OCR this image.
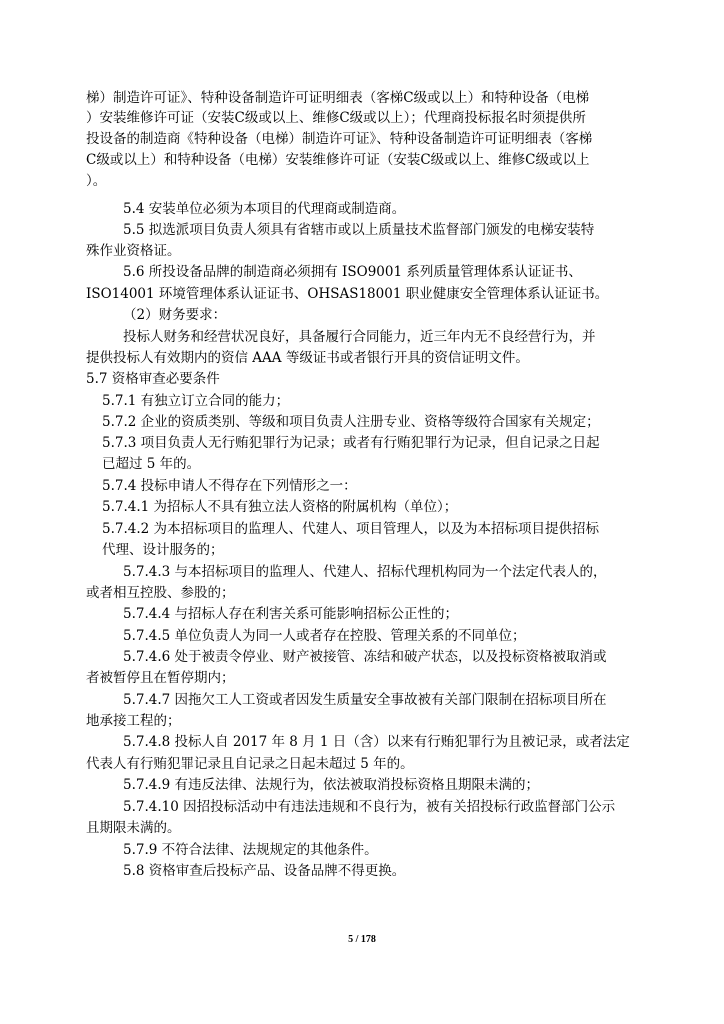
梯）制造许可证》、特种设备制造许可证明细表（客梯C级或以上）和特种设备（电梯
）安装维修许可证（安装C级或以上、维修C级或以上）；代理商投标报名时须提供所
投设备的制造商《特种设备（电梯）制造许可证》、特种设备制造许可证明细表（客梯
C级或以上）和特种设备（电梯）安装维修许可证（安装C级或以上、维修C级或以上
）。
5.4 安装单位必须为本项目的代理商或制造商。
5.5 拟选派项目负责人须具有省辖市或以上质量技术监督部门颁发的电梯安装特
殊作业资格证。
5.6 所投设备品牌的制造商必须拥有 ISO9001 系列质量管理体系认证证书、
ISO14001 环境管理体系认证证书、OHSAS18001 职业健康安全管理体系认证证书。
（2）财务要求：
投标人财务和经营状况良好，具备履行合同能力，近三年内无不良经营行为，并
提供投标人有效期内的资信 AAA 等级证书或者银行开具的资信证明文件。
5.7 资格审查必要条件
5.7.1 有独立订立合同的能力；
5.7.2 企业的资质类别、等级和项目负责人注册专业、资格等级符合国家有关规定；
5.7.3 项目负责人无行贿犯罪行为记录；或者有行贿犯罪行为记录，但自记录之日起
已超过 5 年的。
5.7.4 投标申请人不得存在下列情形之一：
5.7.4.1 为招标人不具有独立法人资格的附属机构（单位）；
5.7.4.2 为本招标项目的监理人、代建人、项目管理人，以及为本招标项目提供招标
代理、设计服务的；
5.7.4.3 与本招标项目的监理人、代建人、招标代理机构同为一个法定代表人的，
或者相互控股、参股的；
5.7.4.4 与招标人存在利害关系可能影响招标公正性的；
5.7.4.5 单位负责人为同一人或者存在控股、管理关系的不同单位；
5.7.4.6 处于被责令停业、财产被接管、冻结和破产状态，以及投标资格被取消或
者被暂停且在暂停期内；
5.7.4.7 因拖欠工人工资或者因发生质量安全事故被有关部门限制在招标项目所在
地承接工程的；
5.7.4.8 投标人自 2017 年 8 月 1 日（含）以来有行贿犯罪行为且被记录，或者法定
代表人有行贿犯罪记录且自记录之日起未超过 5 年的。
5.7.4.9 有违反法律、法规行为，依法被取消投标资格且期限未满的；
5.7.4.10 因招投标活动中有违法违规和不良行为，被有关招投标行政监督部门公示
且期限未满的。
5.7.9 不符合法律、法规规定的其他条件。
5.8 资格审查后投标产品、设备品牌不得更换。
5 / 178
